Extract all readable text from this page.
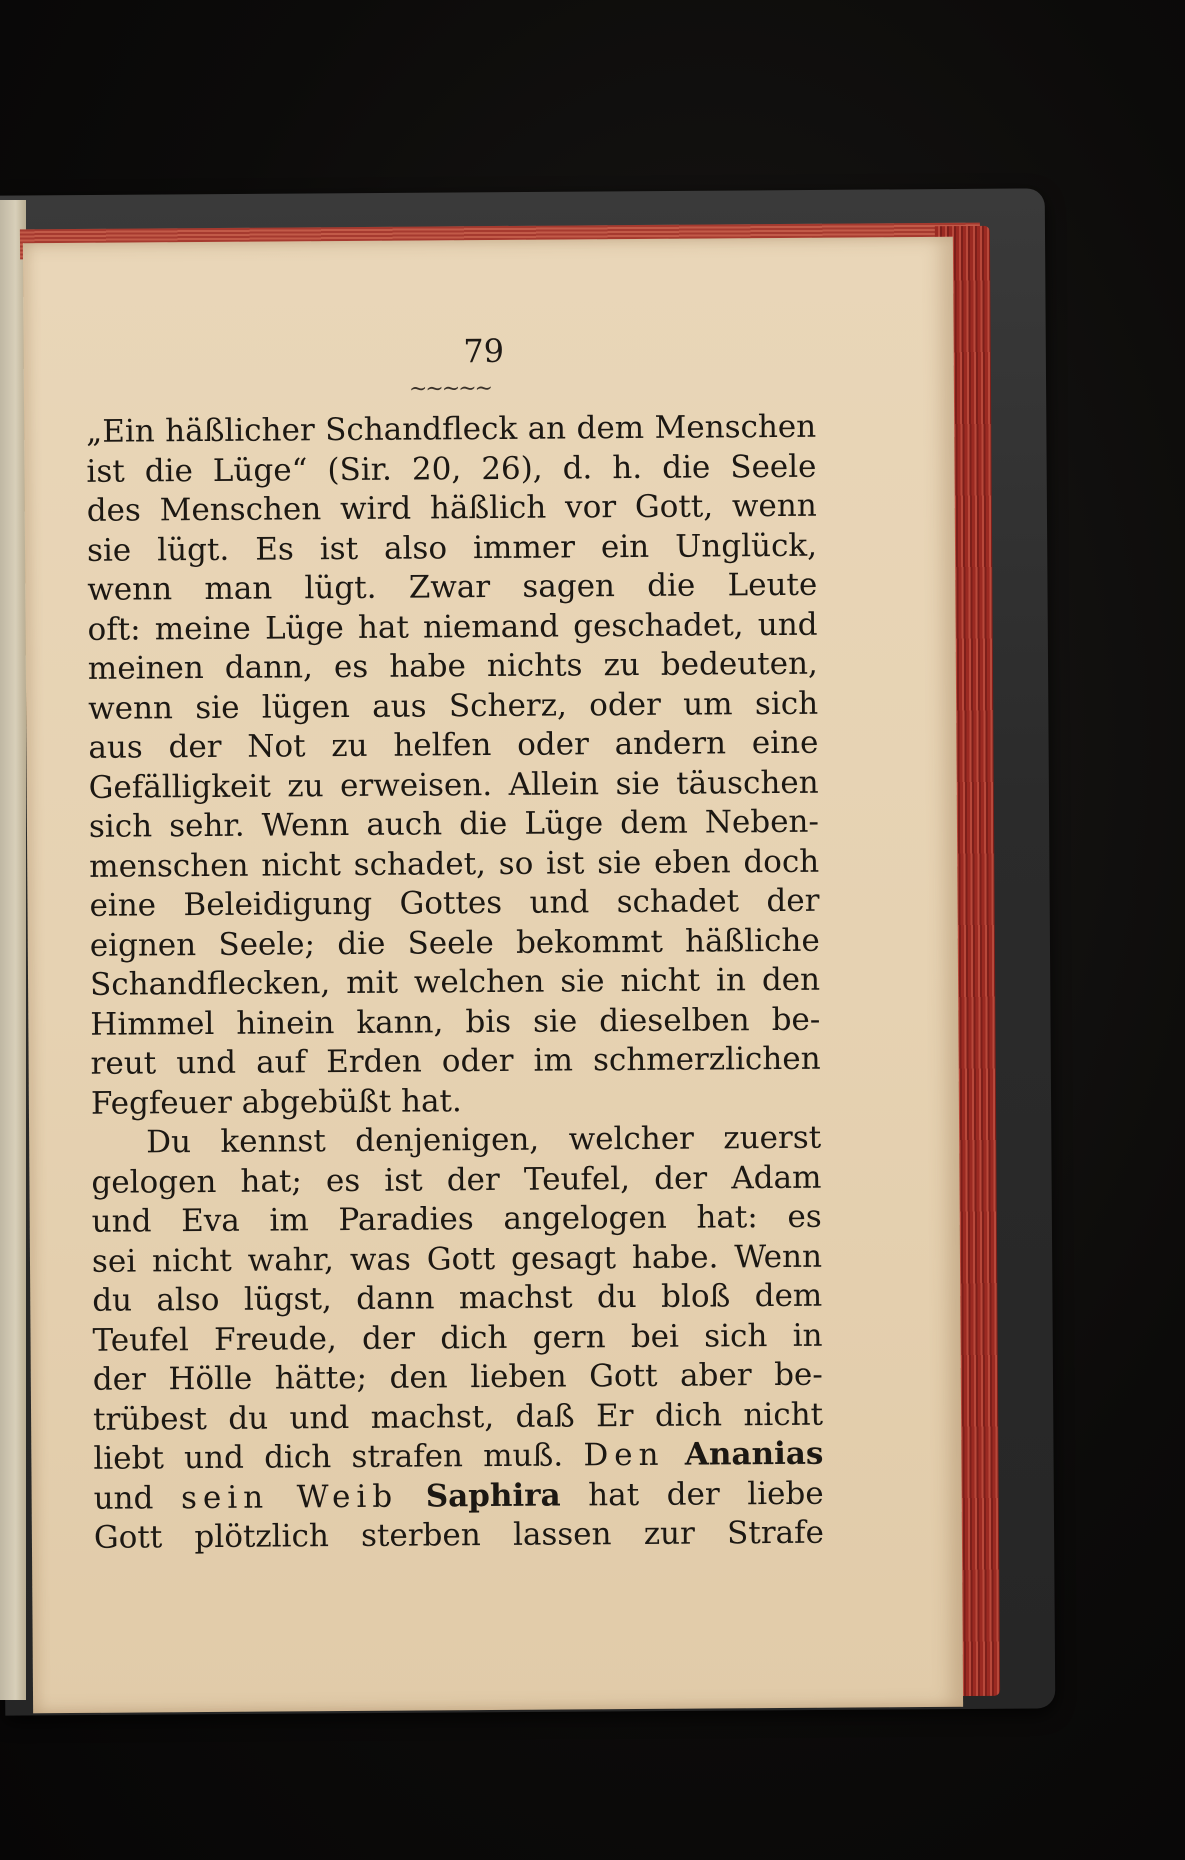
79
~~~~~
„Ein häßlicher Schandfleck an dem Menschen
ist die Lüge“ (Sir. 20, 26), d. h. die Seele
des Menschen wird häßlich vor Gott, wenn
sie lügt. Es ist also immer ein Unglück,
wenn man lügt. Zwar sagen die Leute
oft: meine Lüge hat niemand geschadet, und
meinen dann, es habe nichts zu bedeuten,
wenn sie lügen aus Scherz, oder um sich
aus der Not zu helfen oder andern eine
Gefälligkeit zu erweisen. Allein sie täuschen
sich sehr. Wenn auch die Lüge dem Neben-
menschen nicht schadet, so ist sie eben doch
eine Beleidigung Gottes und schadet der
eignen Seele; die Seele bekommt häßliche
Schandflecken, mit welchen sie nicht in den
Himmel hinein kann, bis sie dieselben be-
reut und auf Erden oder im schmerzlichen
Fegfeuer abgebüßt hat.
Du kennst denjenigen, welcher zuerst
gelogen hat; es ist der Teufel, der Adam
und Eva im Paradies angelogen hat: es
sei nicht wahr, was Gott gesagt habe. Wenn
du also lügst, dann machst du bloß dem
Teufel Freude, der dich gern bei sich in
der Hölle hätte; den lieben Gott aber be-
trübest du und machst, daß Er dich nicht
liebt und dich strafen muß. Den Ananias
und sein Weib Saphira hat der liebe
Gott plötzlich sterben lassen zur Strafe
